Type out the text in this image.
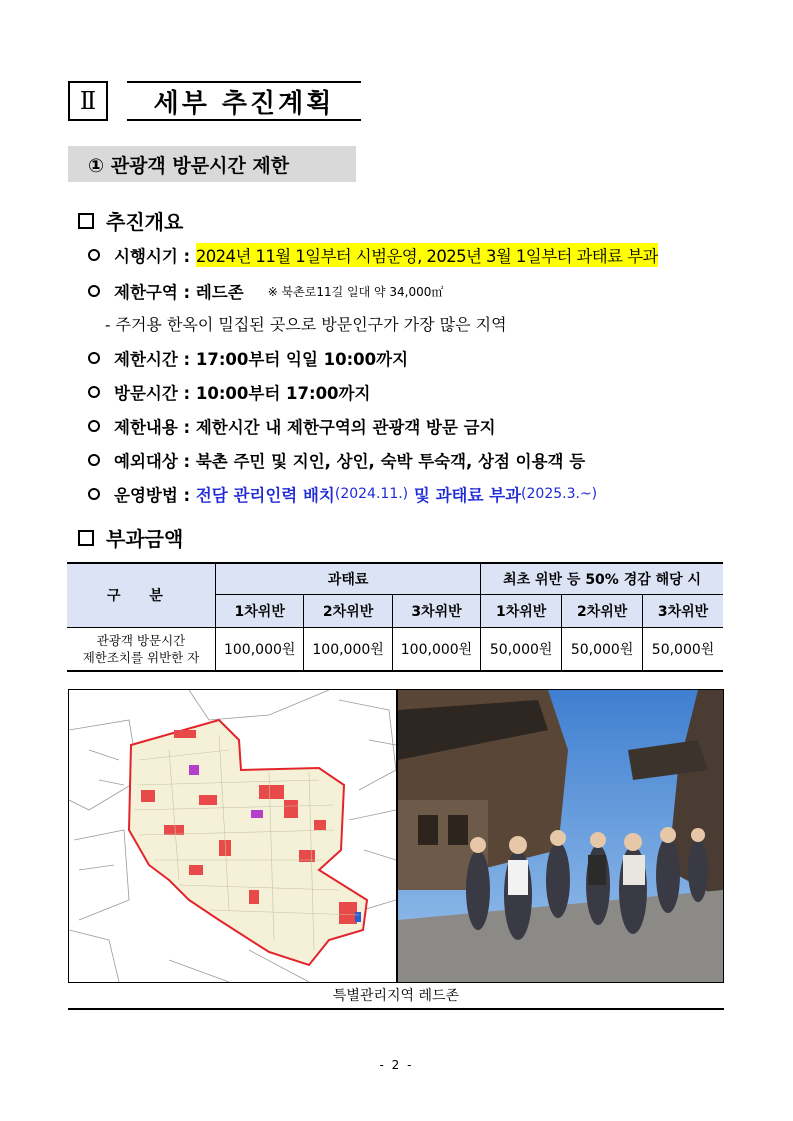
Ⅱ	세부 추진계획
① 관광객 방문시간 제한
추진개요
시행시기 :
2024년 11월 1일부터 시범운영, 2025년 3월 1일부터 과태료 부과
제한구역 :
레드존 ※ 북촌로11길 일대 약 34,000㎡
- 주거용 한옥이 밀집된 곳으로 방문인구가 가장 많은 지역
제한시간 :
17:00부터 익일 10:00까지
방문시간 :
10:00부터 17:00까지
제한내용 :
제한시간 내 제한구역의 관광객 방문 금지
예외대상 :
북촌 주민 및 지인, 상인, 숙박 투숙객, 상점 이용객 등
운영방법 :
전담 관리인력 배치 (2024.11.) 및 과태료 부과 (2025.3.~)
부과금액
구 분	과태료			최초 위반 등 50% 경감 해당 시		
	1차위반	2차위반	3차위반	1차위반	2차위반	3차위반

관광객 방문시간
제한조치를 위반한 자	100,000원	100,000원	100,000원	50,000원	50,000원	50,000원
특별관리지역 레드존
- 2 -
